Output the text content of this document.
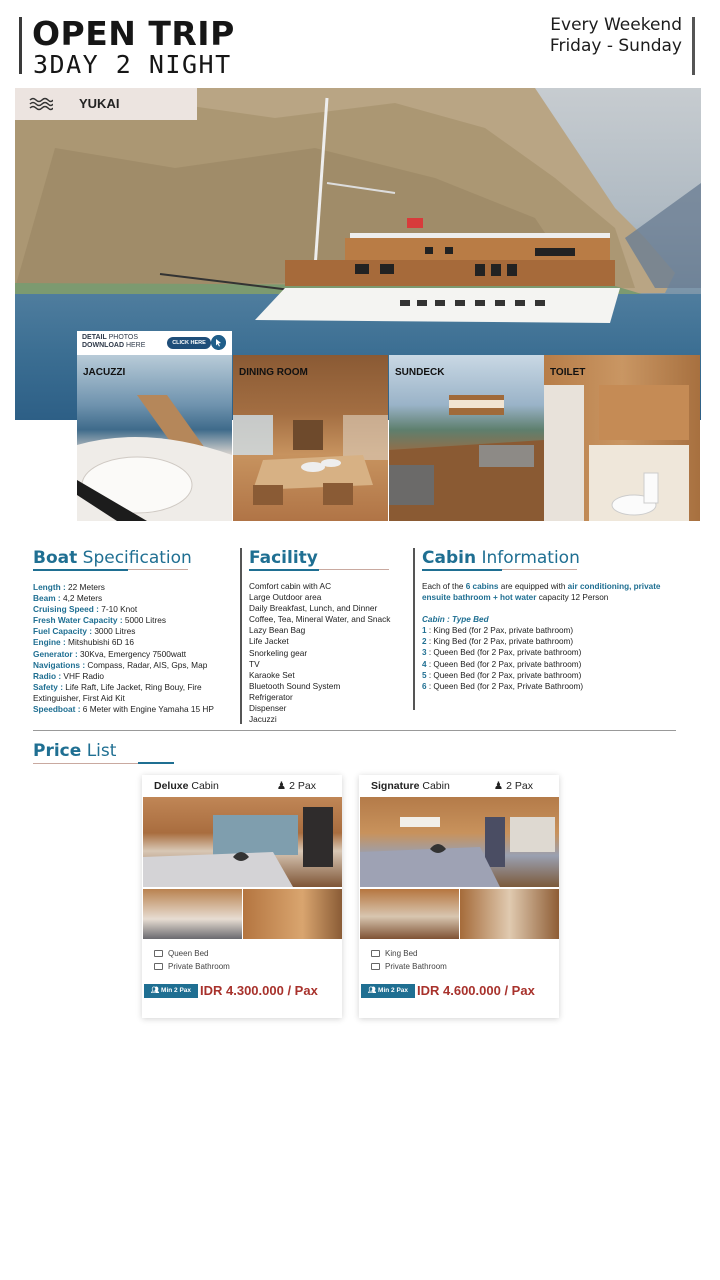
OPEN TRIP
3DAY 2 NIGHT
Every Weekend
Friday - Sunday
YUKAI
DETAIL PHOTOS
DOWNLOAD HERE	CLICK HERE
JACUZZI	DINING ROOM	SUNDECK	TOILET
Boat Specification
Length : 22 Meters
Beam : 4,2 Meters
Cruising Speed : 7-10 Knot
Fresh Water Capacity : 5000 Litres
Fuel Capacity : 3000 Litres
Engine : Mitshubishi 6D 16
Generator : 30Kva, Emergency 7500watt
Navigations : Compass, Radar, AIS, Gps, Map
Radio : VHF Radio
Safety : Life Raft, Life Jacket, Ring Bouy, Fire Extinguisher, First Aid Kit
Speedboat : 6 Meter with Engine Yamaha 15 HP
Facility
Comfort cabin with AC
Large Outdoor area
Daily Breakfast, Lunch, and Dinner
Coffee, Tea, Mineral Water, and Snack
Lazy Bean Bag
Life Jacket
Snorkeling gear
TV
Karaoke Set
Bluetooth Sound System
Refrigerator
Dispenser
Jacuzzi
Cabin Information
Each of the 6 cabins are equipped with air conditioning, private ensuite bathroom + hot water capacity 12 Person
Cabin : Type Bed
1 : King Bed (for 2 Pax, private bathroom)
2 : King Bed (for 2 Pax, private bathroom)
3 : Queen Bed (for 2 Pax, private bathroom)
4 : Queen Bed (for 2 Pax, private bathroom)
5 : Queen Bed (for 2 Pax, private bathroom)
6 : Queen Bed (for 2 Pax, Private Bathroom)
Price List
Deluxe Cabin	♟ 2 Pax
Queen Bed
Private Bathroom
👥︎ Min 2 Pax IDR 4.300.000 / Pax
Signature Cabin	♟ 2 Pax
King Bed
Private Bathroom
👥︎ Min 2 Pax IDR 4.600.000 / Pax
